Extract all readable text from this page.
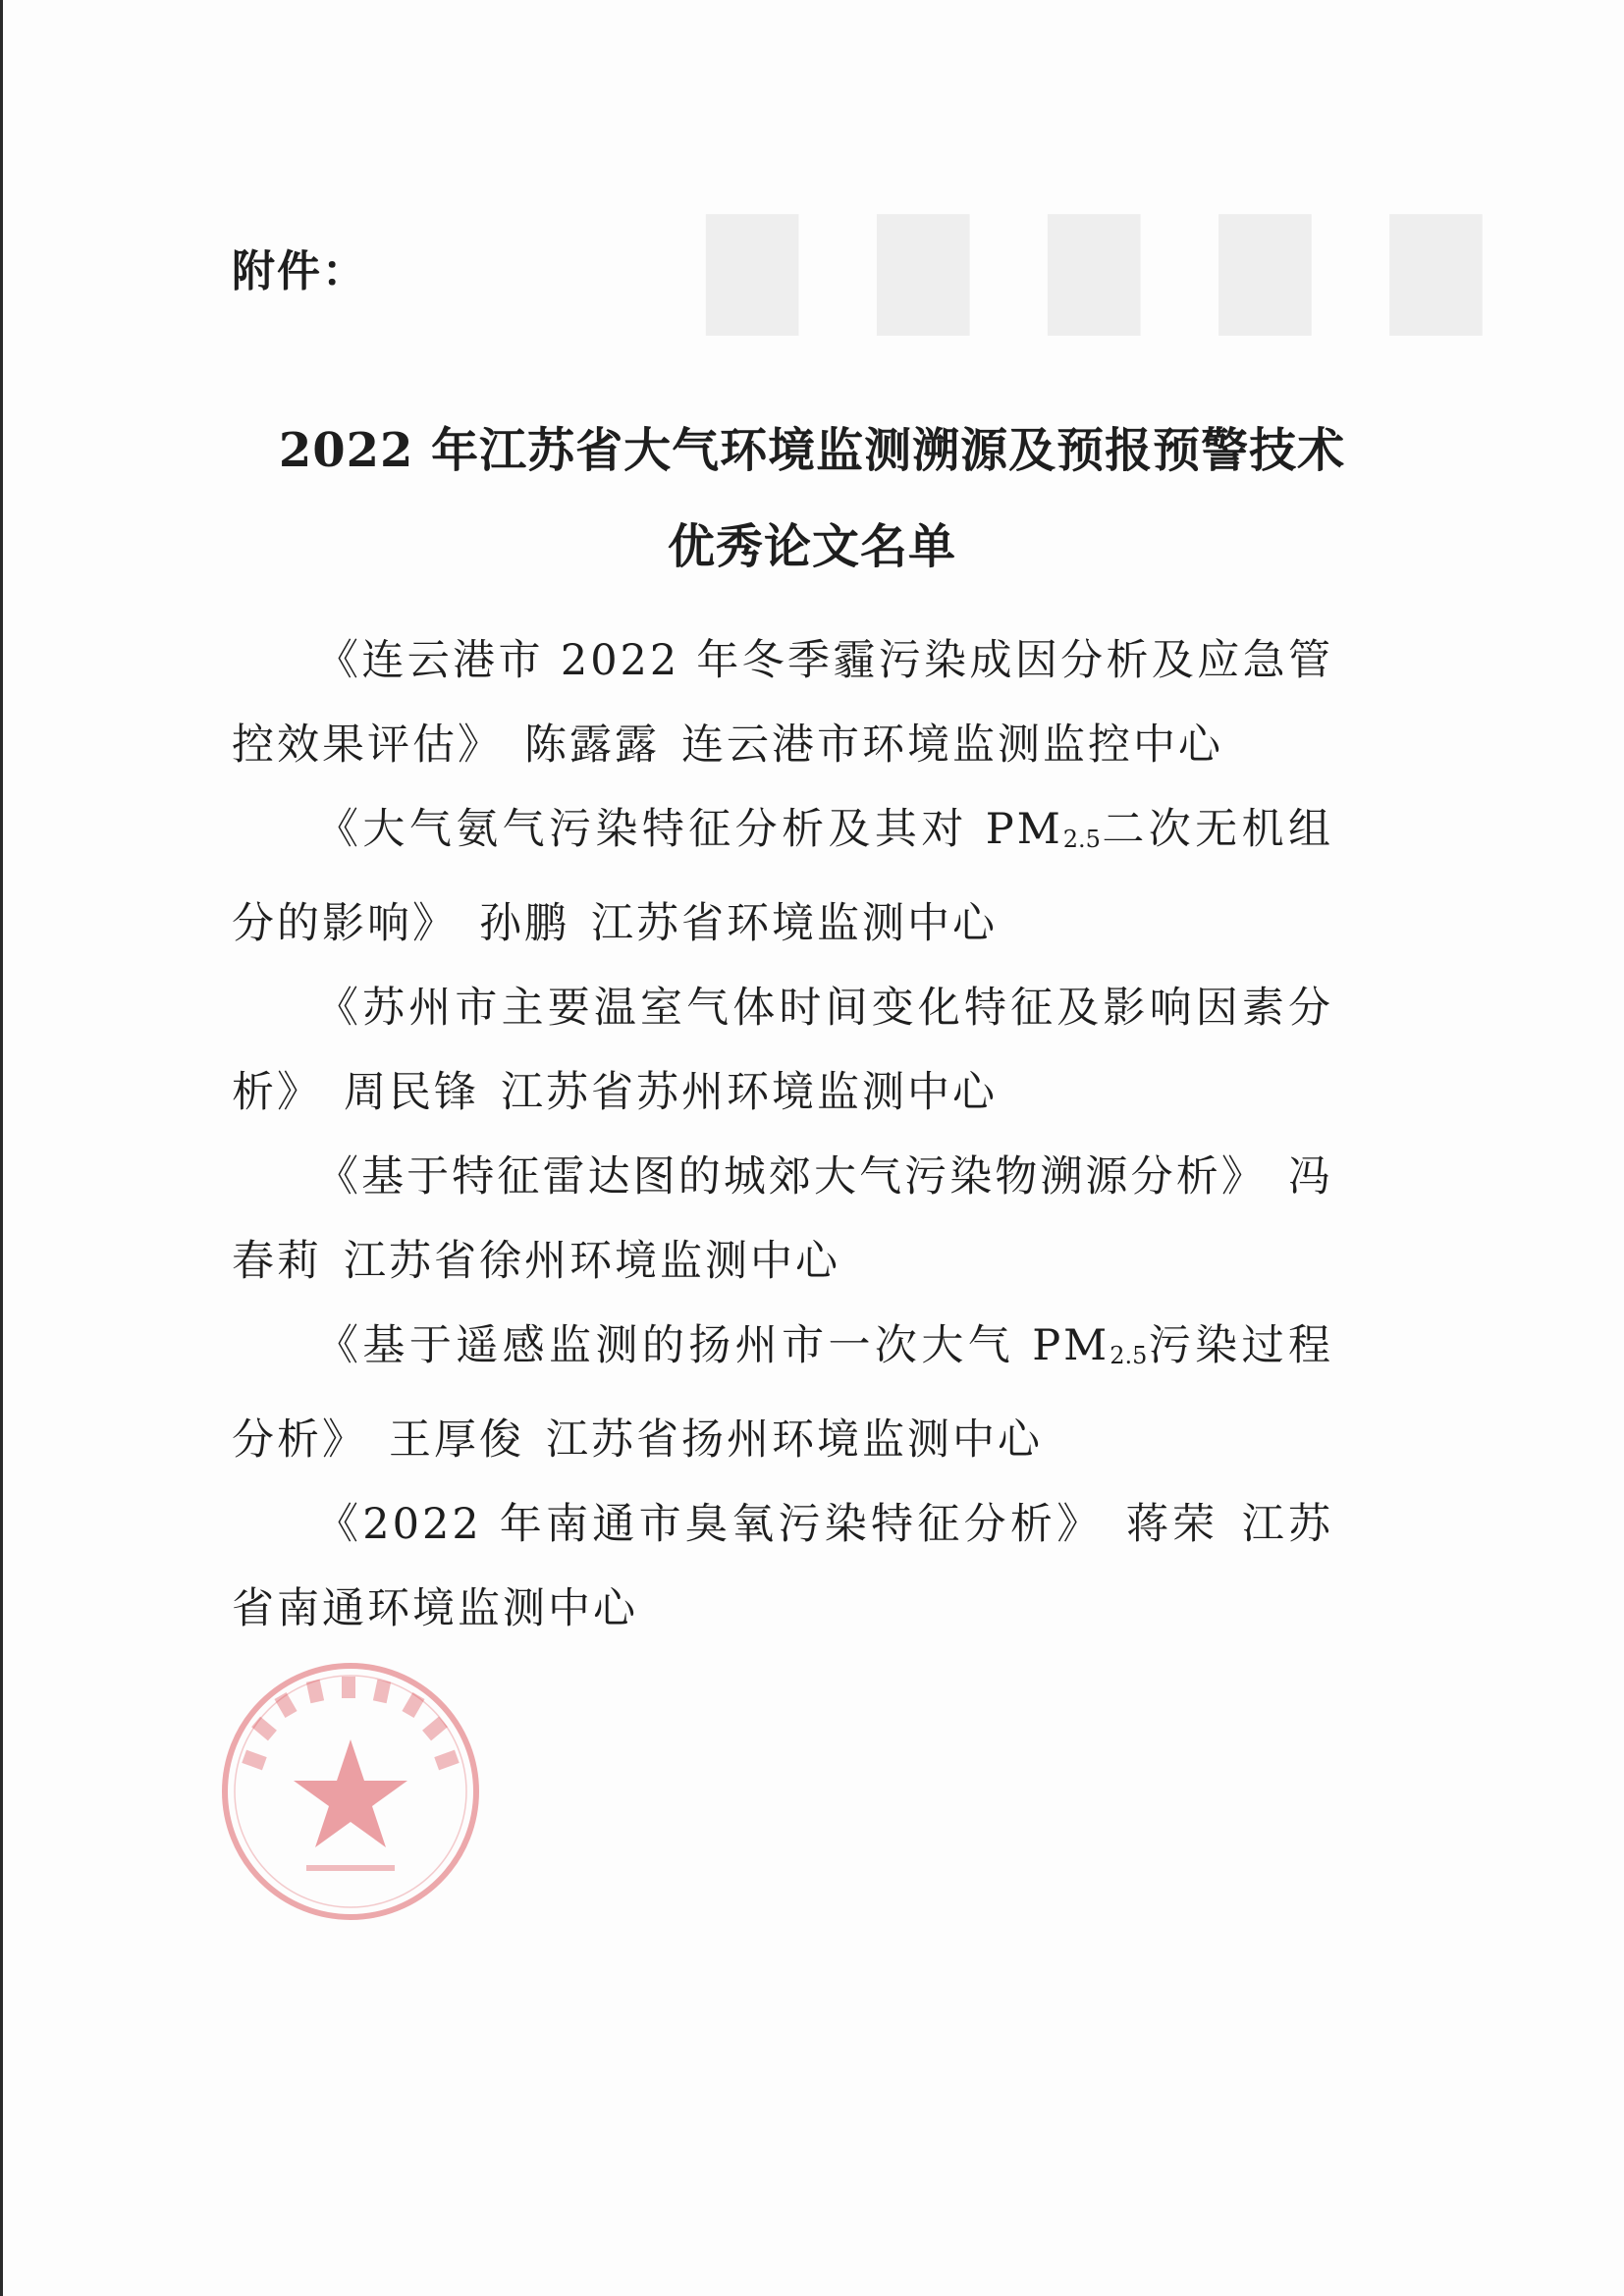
▇ ▇ ▇ ▇ ▇
附件：
2022 年江苏省大气环境监测溯源及预报预警技术
优秀论文名单

《连云港市 2022 年冬季霾污染成因分析及应急管控效果评估》 陈露露 连云港市环境监测监控中心

《大气氨气污染特征分析及其对 $PM_{2.5}$二次无机组分的影响》 孙鹏 江苏省环境监测中心

《苏州市主要温室气体时间变化特征及影响因素分析》 周民锋 江苏省苏州环境监测中心

《基于特征雷达图的城郊大气污染物溯源分析》 冯春莉 江苏省徐州环境监测中心

《基于遥感监测的扬州市一次大气 $PM_{2.5}$污染过程分析》 王厚俊 江苏省扬州环境监测中心

《2022 年南通市臭氧污染特征分析》 蒋荣 江苏省南通环境监测中心
